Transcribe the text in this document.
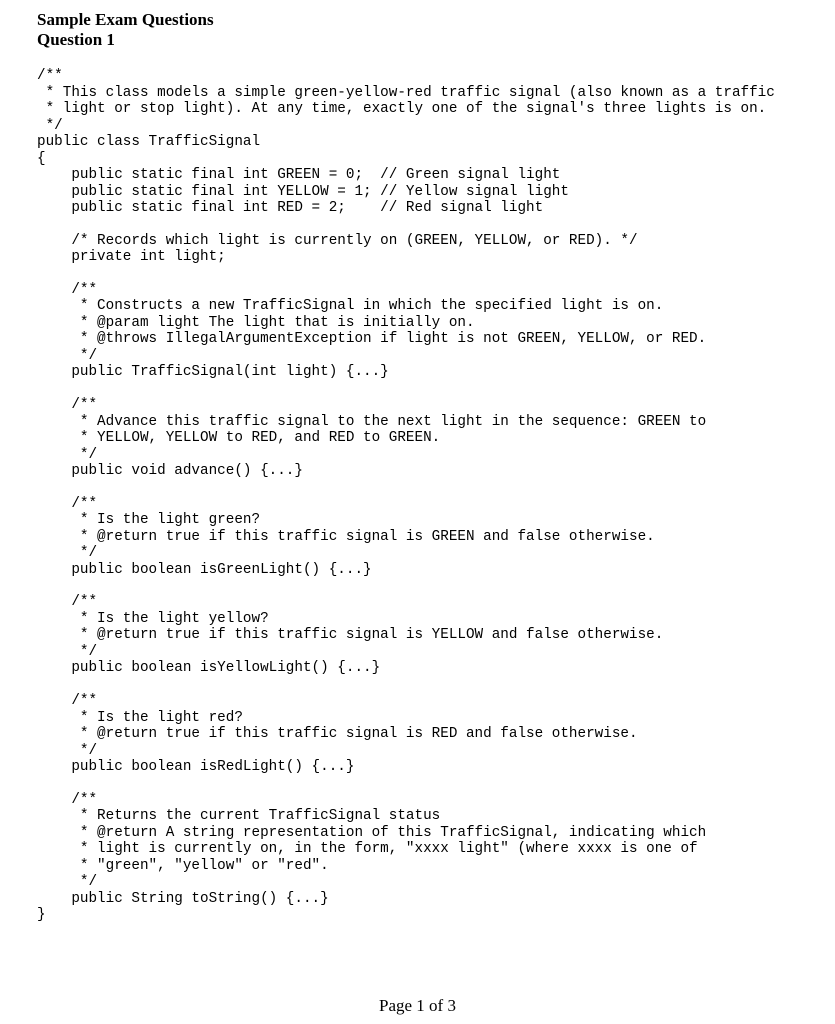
Sample Exam Questions
Question 1
/**
* This class models a simple green-yellow-red traffic signal (also known as a traffic
* light or stop light). At any time, exactly one of the signal's three lights is on.
*/
public class TrafficSignal
{
public static final int GREEN = 0;  // Green signal light
public static final int YELLOW = 1; // Yellow signal light
public static final int RED = 2;    // Red signal light

/* Records which light is currently on (GREEN, YELLOW, or RED). */
private int light;

/**
* Constructs a new TrafficSignal in which the specified light is on.
* @param light The light that is initially on.
* @throws IllegalArgumentException if light is not GREEN, YELLOW, or RED.
*/
public TrafficSignal(int light) {...}

/**
* Advance this traffic signal to the next light in the sequence: GREEN to
* YELLOW, YELLOW to RED, and RED to GREEN.
*/
public void advance() {...}

/**
* Is the light green?
* @return true if this traffic signal is GREEN and false otherwise.
*/
public boolean isGreenLight() {...}

/**
* Is the light yellow?
* @return true if this traffic signal is YELLOW and false otherwise.
*/
public boolean isYellowLight() {...}

/**
* Is the light red?
* @return true if this traffic signal is RED and false otherwise.
*/
public boolean isRedLight() {...}

/**
* Returns the current TrafficSignal status
* @return A string representation of this TrafficSignal, indicating which
* light is currently on, in the form, "xxxx light" (where xxxx is one of
* "green", "yellow" or "red".
*/
public String toString() {...}
}
Page 1 of 3
